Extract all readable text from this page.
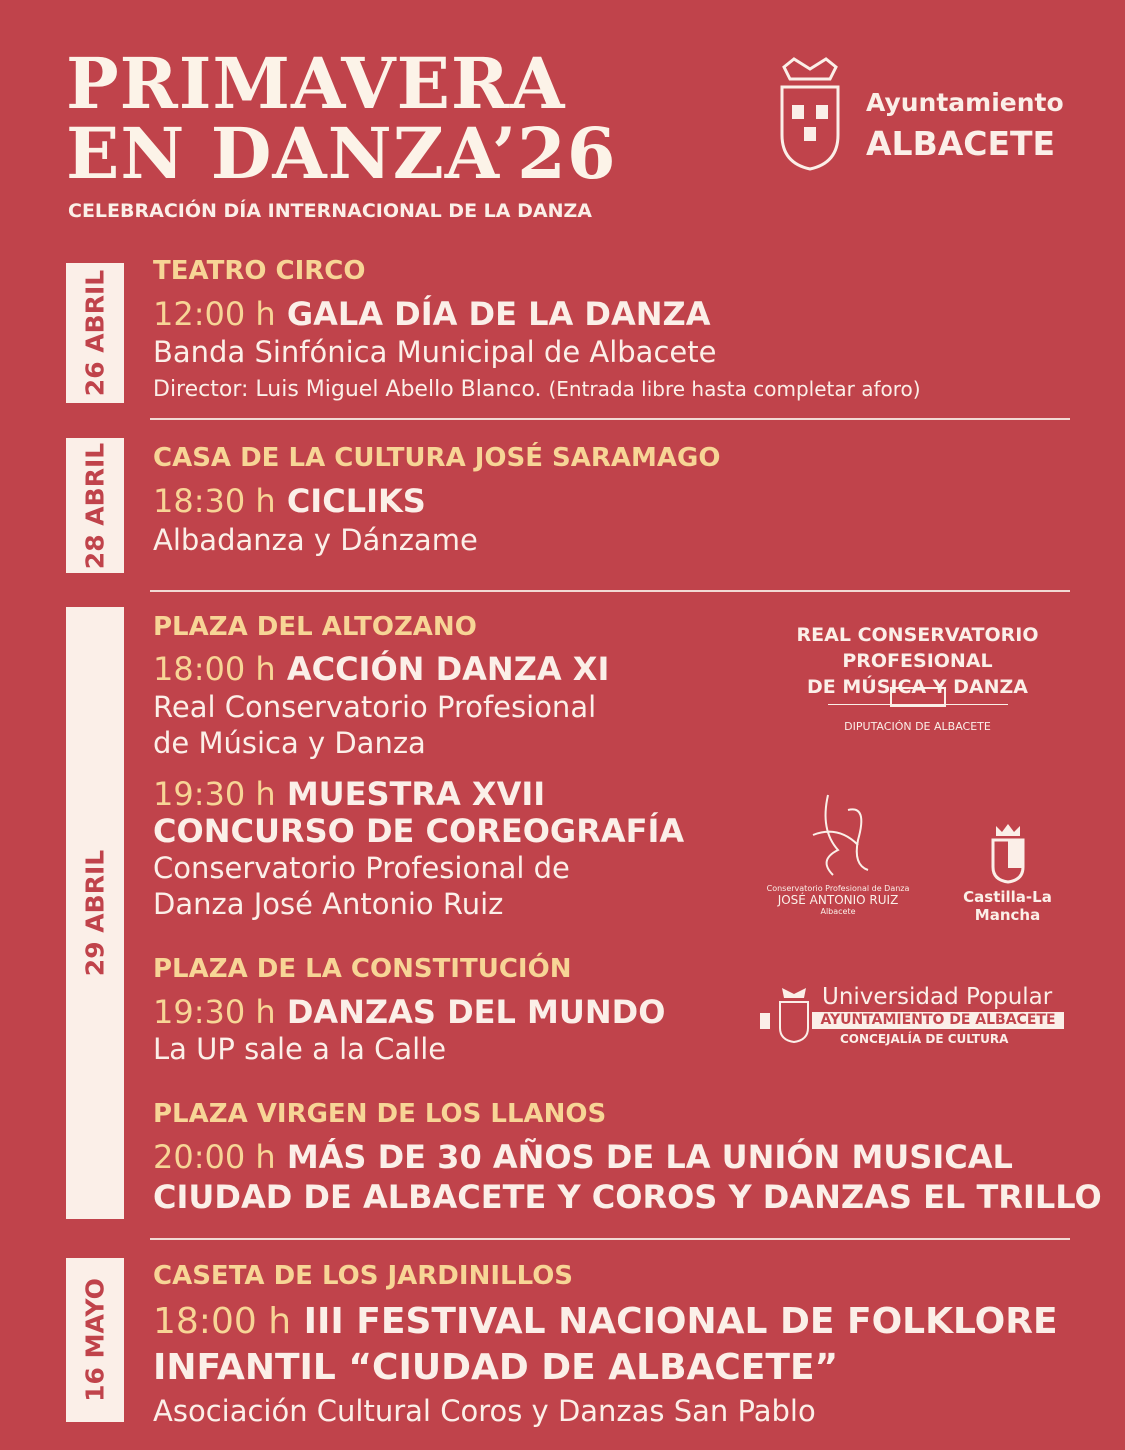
PRIMAVERA
EN DANZA’26
CELEBRACIÓN DÍA INTERNACIONAL DE LA DANZA
Ayuntamiento
ALBACETE
26 ABRIL TEATRO CIRCO
12:00 h GALA DÍA DE LA DANZA
Banda Sinfónica Municipal de Albacete
Director: Luis Miguel Abello Blanco. (Entrada libre hasta completar aforo)
28 ABRIL CASA DE LA CULTURA JOSÉ SARAMAGO
18:30 h CICLIKS
Albadanza y Dánzame
29 ABRIL
PLAZA DEL ALTOZANO
18:00 h ACCIÓN DANZA XI
Real Conservatorio Profesional
de Música y Danza
19:30 h MUESTRA XVII
CONCURSO DE COREOGRAFÍA
Conservatorio Profesional de
Danza José Antonio Ruiz
PLAZA DE LA CONSTITUCIÓN
19:30 h DANZAS DEL MUNDO
La UP sale a la Calle
PLAZA VIRGEN DE LOS LLANOS
20:00 h MÁS DE 30 AÑOS DE LA UNIÓN MUSICAL
CIUDAD DE ALBACETE Y COROS Y DANZAS EL TRILLO
REAL CONSERVATORIO
PROFESIONAL
DE MÚSICA Y DANZA
DIPUTACIÓN DE ALBACETE
Conservatorio Profesional de Danza
JOSÉ ANTONIO RUIZ
Albacete
Castilla-La Mancha
Universidad Popular
AYUNTAMIENTO DE ALBACETE
CONCEJALÍA DE CULTURA
16 MAYO
CASETA DE LOS JARDINILLOS
18:00 h III FESTIVAL NACIONAL DE FOLKLORE
INFANTIL “CIUDAD DE ALBACETE”
Asociación Cultural Coros y Danzas San Pablo
